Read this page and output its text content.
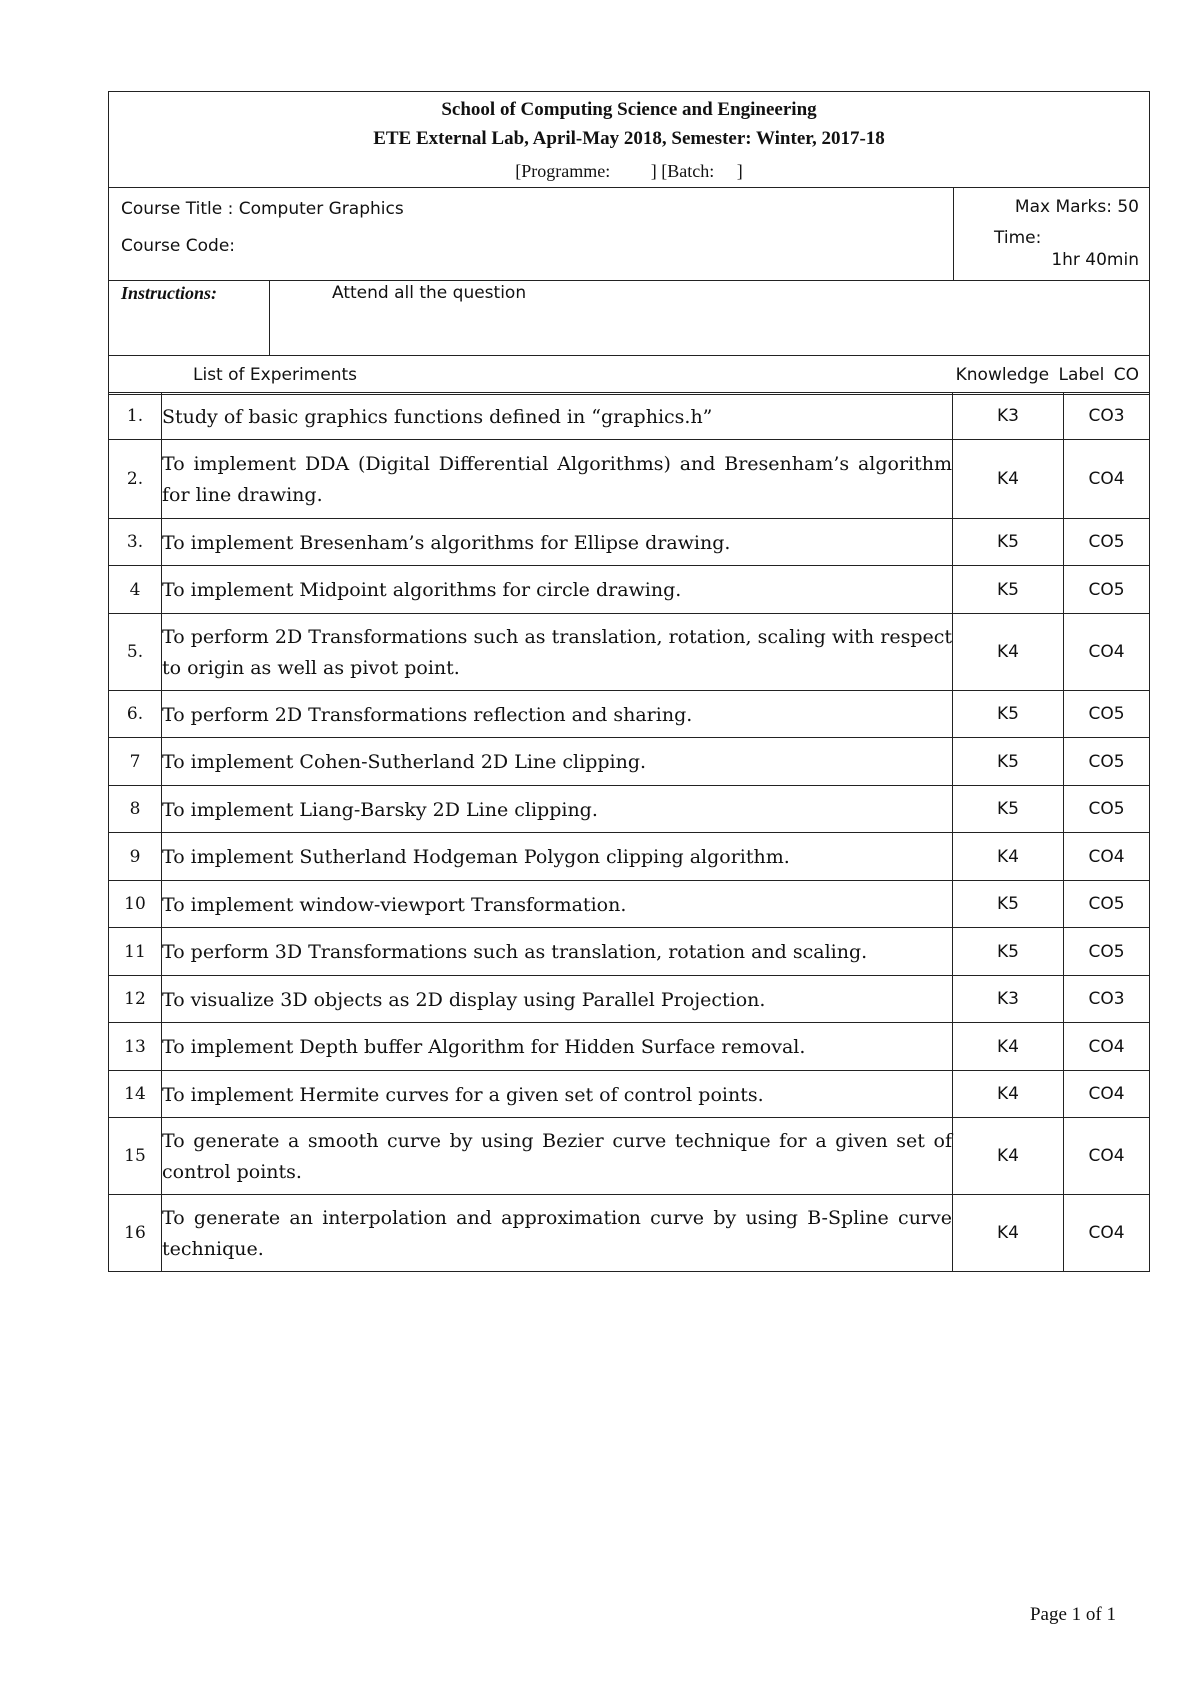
School of Computing Science and Engineering
ETE External Lab, April-May 2018, Semester: Winter, 2017-18
[Programme:         ] [Batch:     ]
Course Title : Computer Graphics
Course Code:
Max Marks: 50
Time:
1hr 40min
Instructions:	Attend all the question
List of Experiments	Knowledge Label CO
1.	Study of basic graphics functions defined in “graphics.h”	K3	CO3
2.	To implement DDA (Digital Differential Algorithms) and Bresenham’s algorithm for line drawing.	K4	CO4
3.	To implement Bresenham’s algorithms for Ellipse drawing.	K5	CO5
4	To implement Midpoint algorithms for circle drawing.	K5	CO5
5.	To perform 2D Transformations such as translation, rotation, scaling with respect to origin as well as pivot point.	K4	CO4
6.	To perform 2D Transformations reflection and sharing.	K5	CO5
7	To implement Cohen-Sutherland 2D Line clipping.	K5	CO5
8	To implement Liang-Barsky 2D Line clipping.	K5	CO5
9	To implement Sutherland Hodgeman Polygon clipping algorithm.	K4	CO4
10	To implement window-viewport Transformation.	K5	CO5
11	To perform 3D Transformations such as translation, rotation and scaling.	K5	CO5
12	To visualize 3D objects as 2D display using Parallel Projection.	K3	CO3
13	To implement Depth buffer Algorithm for Hidden Surface removal.	K4	CO4
14	To implement Hermite curves for a given set of control points.	K4	CO4
15	To generate a smooth curve by using Bezier curve technique for a given set of control points.	K4	CO4
16	To generate an interpolation and approximation curve by using B-Spline curve technique.	K4	CO4
Page 1 of 1
